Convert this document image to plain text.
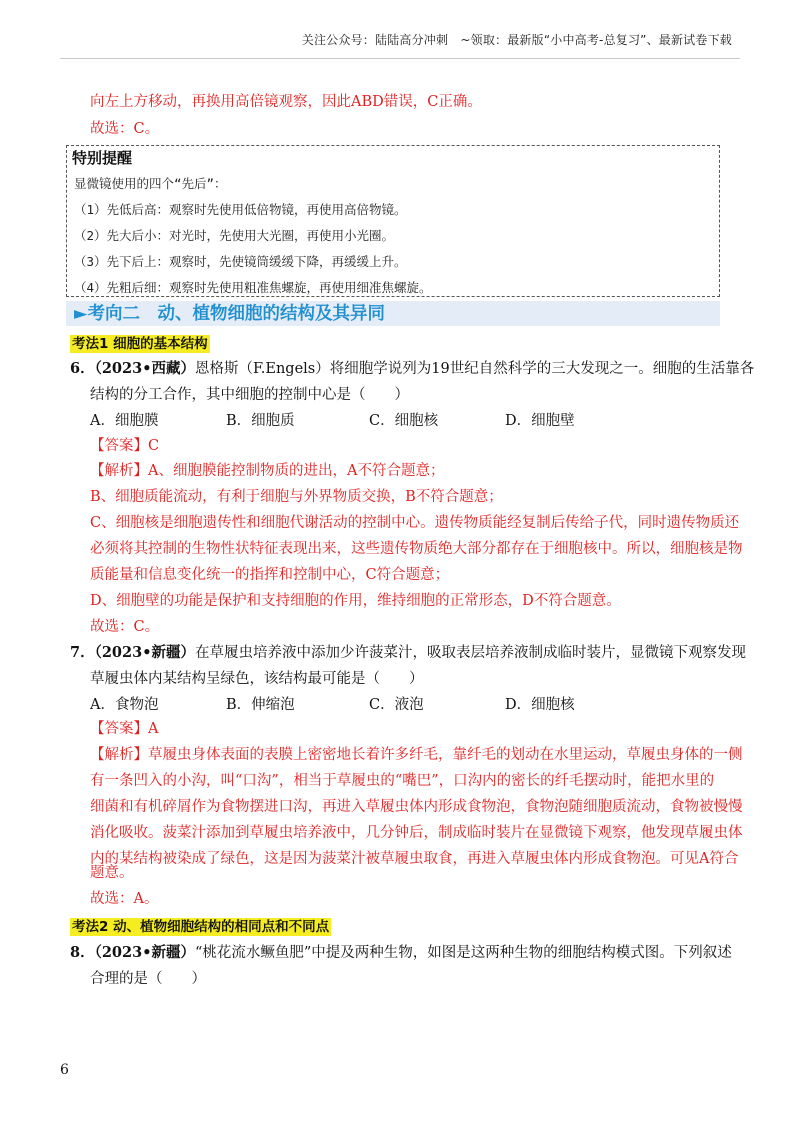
关注公众号：陆陆高分冲刺　~领取：最新版“小中高考-总复习”、最新试卷下载
向左上方移动，再换用高倍镜观察，因此ABD错误，C正确。
故选：C。
特别提醒
显微镜使用的四个“先后”：
（1）先低后高：观察时先使用低倍物镜，再使用高倍物镜。
（2）先大后小：对光时，先使用大光圈，再使用小光圈。
（3）先下后上：观察时，先使镜筒缓缓下降，再缓缓上升。
（4）先粗后细：观察时先使用粗准焦螺旋，再使用细准焦螺旋。
►考向二　动、植物细胞的结构及其异同
考法1 细胞的基本结构
6．（2023•西藏）恩格斯（F.Engels）将细胞学说列为19世纪自然科学的三大发现之一。细胞的生活靠各
结构的分工合作，其中细胞的控制中心是（　　）
A．细胞膜	B．细胞质	C．细胞核	D．细胞壁
【答案】C
【解析】A、细胞膜能控制物质的进出，A不符合题意；
B、细胞质能流动，有利于细胞与外界物质交换，B不符合题意；
C、细胞核是细胞遗传性和细胞代谢活动的控制中心。遗传物质能经复制后传给子代，同时遗传物质还
必须将其控制的生物性状特征表现出来，这些遗传物质绝大部分都存在于细胞核中。所以，细胞核是物
质能量和信息变化统一的指挥和控制中心，C符合题意；
D、细胞壁的功能是保护和支持细胞的作用，维持细胞的正常形态，D不符合题意。
故选：C。
7．（2023•新疆）在草履虫培养液中添加少许菠菜汁，吸取表层培养液制成临时装片，显微镜下观察发现
草履虫体内某结构呈绿色，该结构最可能是（　　）
A．食物泡	B．伸缩泡	C．液泡	D．细胞核
【答案】A
【解析】草履虫身体表面的表膜上密密地长着许多纤毛，靠纤毛的划动在水里运动，草履虫身体的一侧
有一条凹入的小沟，叫“口沟”，相当于草履虫的“嘴巴”，口沟内的密长的纤毛摆动时，能把水里的
细菌和有机碎屑作为食物摆进口沟，再进入草履虫体内形成食物泡，食物泡随细胞质流动，食物被慢慢
消化吸收。菠菜汁添加到草履虫培养液中，几分钟后，制成临时装片在显微镜下观察，他发现草履虫体
内的某结构被染成了绿色，这是因为菠菜汁被草履虫取食，再进入草履虫体内形成食物泡。可见A符合
题意。
故选：A。
考法2 动、植物细胞结构的相同点和不同点
8．（2023•新疆）“桃花流水鳜鱼肥”中提及两种生物，如图是这两种生物的细胞结构模式图。下列叙述
合理的是（　　）
6
